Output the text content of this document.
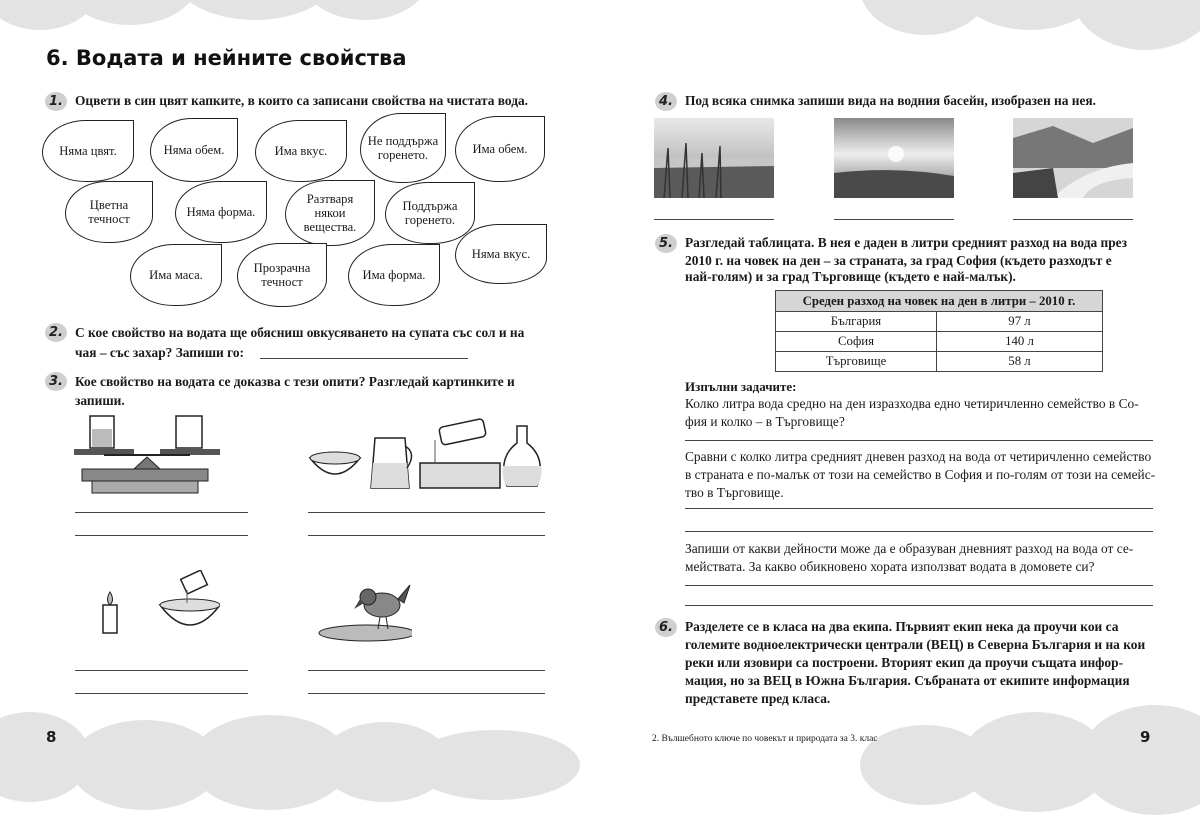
6. Водата и нейните свойства
1. Оцвети в син цвят капките, в които са записани свойства на чистата вода.
Няма цвят.	Няма обем.	Има вкус.
Не поддържа горенето.	Има обем.
Цветна течност	Няма форма.
Разтваря някои вещества.
Поддържа горенето.
Няма вкус.
Има маса.	Прозрачна течност	Има форма.
2. С кое свойство на водата ще обясниш овкусяването на супата със сол и на
чая – със захар? Запиши го:
3. Кое свойство на водата се доказва с тези опити? Разгледай картинките и
запиши.
8
4. Под всяка снимка запиши вида на водния басейн, изобразен на нея.
5. Разгледай таблицата. В нея е даден в литри средният разход на вода през
2010 г. на човек на ден – за страната, за град София (където разходът е
най-голям) и за град Търговище (където е най-малък).
Среден разход на човек на ден в литри – 2010 г.	
България	97 л
София	140 л
Търговище	58 л
Изпълни задачите:
Колко литра вода средно на ден изразходва едно четиричленно семейство в Со-
фия и колко – в Търговище?
Сравни с колко литра средният дневен разход на вода от четиричленно семейство
в страната е по-малък от този на семейство в София и по-голям от този на семейс-
тво в Търговище.
Запиши от какви дейности може да е образуван дневният разход на вода от се-
мействата. За какво обикновено хората използват водата в домовете си?
6. Разделете се в класа на два екипа. Първият екип нека да проучи кои са
големите водноелектрически централи (ВЕЦ) в Северна България и на кои
реки или язовири са построени. Вторият екип да проучи същата инфор-
мация, но за ВЕЦ в Южна България. Събраната от екипите информация
представете пред класа.
2. Вълшебното ключе по човекът и природата за 3. клас	9
